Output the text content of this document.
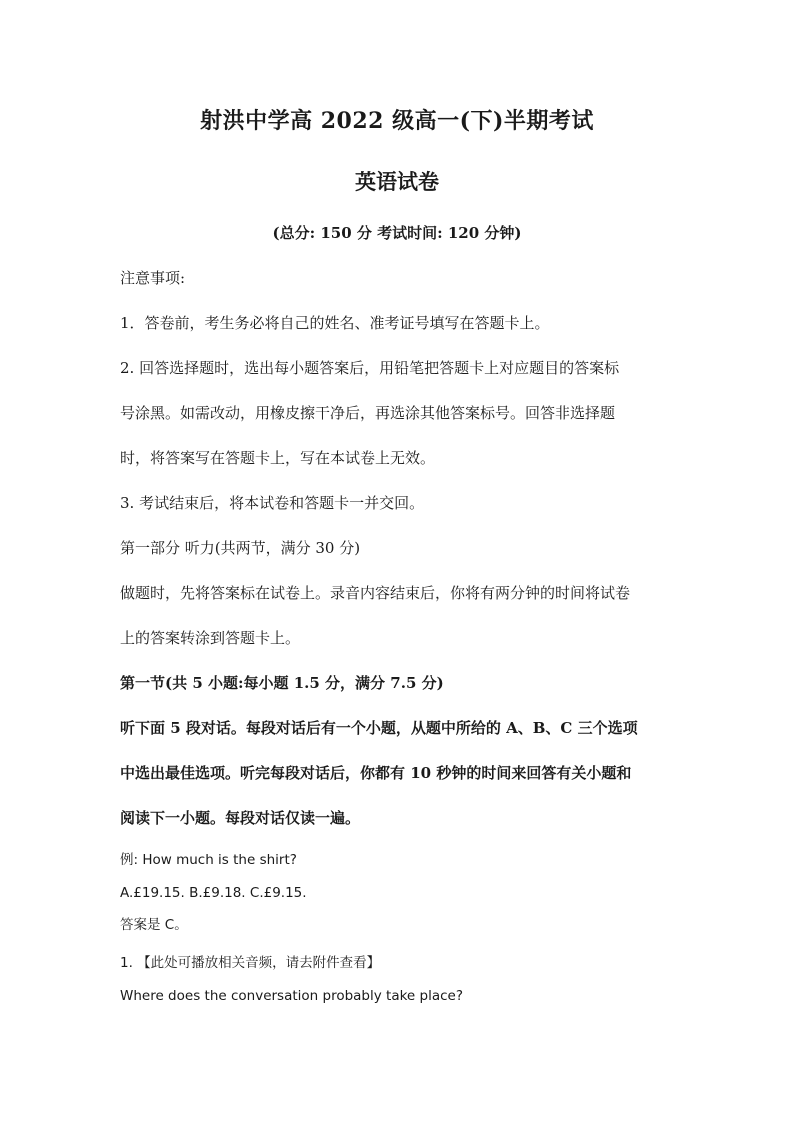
射洪中学高 2022 级高一(下)半期考试
英语试卷
(总分: 150 分 考试时间: 120 分钟)
注意事项:
1．答卷前，考生务必将自己的姓名、准考证号填写在答题卡上。
2. 回答选择题时，选出每小题答案后，用铅笔把答题卡上对应题目的答案标
号涂黑。如需改动，用橡皮擦干净后，再选涂其他答案标号。回答非选择题
时，将答案写在答题卡上，写在本试卷上无效。
3. 考试结束后，将本试卷和答题卡一并交回。
第一部分 听力(共两节，满分 30 分)
做题时，先将答案标在试卷上。录音内容结束后，你将有两分钟的时间将试卷
上的答案转涂到答题卡上。
第一节(共 5 小题:每小题 1.5 分，满分 7.5 分)
听下面 5 段对话。每段对话后有一个小题，从题中所给的 A、B、C 三个选项
中选出最佳选项。听完每段对话后，你都有 10 秒钟的时间来回答有关小题和
阅读下一小题。每段对话仅读一遍。
例: How much is the shirt?
A.£19.15. B.£9.18. C.£9.15.
答案是 C。
1. 【此处可播放相关音频，请去附件查看】
Where does the conversation probably take place?
